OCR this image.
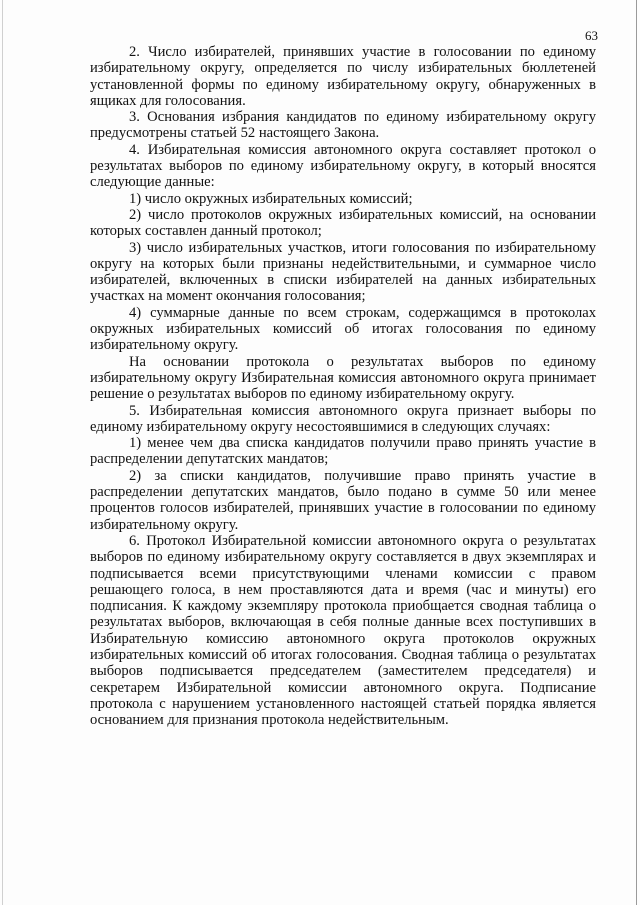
63

2. Число избирателей, принявших участие в голосовании по единому избирательному округу, определяется по числу избирательных бюллетеней установленной формы по единому избирательному округу, обнаруженных в ящиках для голосования.

3. Основания избрания кандидатов по единому избирательному округу предусмотрены статьей 52 настоящего Закона.

4. Избирательная комиссия автономного округа составляет протокол о результатах выборов по единому избирательному округу, в который вносятся следующие данные:

1) число окружных избирательных комиссий;

2) число протоколов окружных избирательных комиссий, на основании которых составлен данный протокол;

3) число избирательных участков, итоги голосования по избирательному округу на которых были признаны недействительными, и суммарное число избирателей, включенных в списки избирателей на данных избирательных участках на момент окончания голосования;

4) суммарные данные по всем строкам, содержащимся в протоколах окружных избирательных комиссий об итогах голосования по единому избирательному округу.

На основании протокола о результатах выборов по единому избирательному округу Избирательная комиссия автономного округа принимает решение о результатах выборов по единому избирательному округу.

5. Избирательная комиссия автономного округа признает выборы по единому избирательному округу несостоявшимися в следующих случаях:

1) менее чем два списка кандидатов получили право принять участие в распределении депутатских мандатов;

2) за списки кандидатов, получившие право принять участие в распределении депутатских мандатов, было подано в сумме 50 или менее процентов голосов избирателей, принявших участие в голосовании по единому избирательному округу.

6. Протокол Избирательной комиссии автономного округа о результатах выборов по единому избирательному округу составляется в двух экземплярах и подписывается всеми присутствующими членами комиссии с правом решающего голоса, в нем проставляются дата и время (час и минуты) его подписания. К каждому экземпляру протокола приобщается сводная таблица о результатах выборов, включающая в себя полные данные всех поступивших в Избирательную комиссию автономного округа протоколов окружных избирательных комиссий об итогах голосования. Сводная таблица о результатах выборов подписывается председателем (заместителем председателя) и секретарем Избирательной комиссии автономного округа. Подписание протокола с нарушением установленного настоящей статьей порядка является основанием для признания протокола недействительным.
